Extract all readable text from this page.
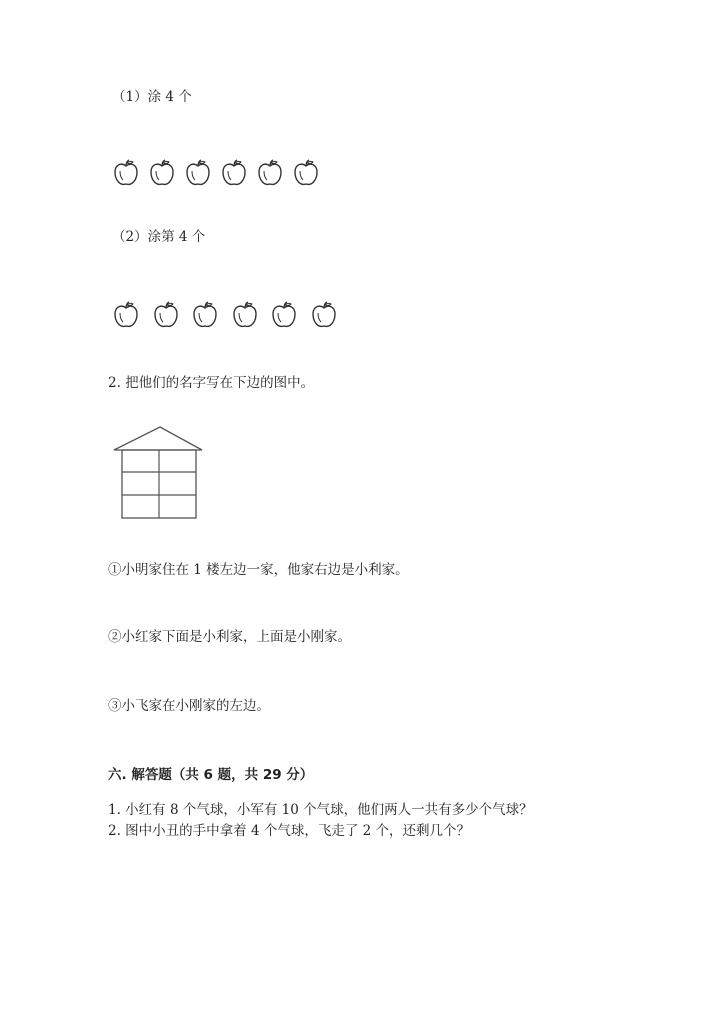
（1）涂 4 个
（2）涂第 4 个
2. 把他们的名字写在下边的图中。
①小明家住在 1 楼左边一家，他家右边是小利家。
②小红家下面是小利家，上面是小刚家。
③小飞家在小刚家的左边。
六. 解答题（共 6 题，共 29 分）
1. 小红有 8 个气球，小军有 10 个气球，他们两人一共有多少个气球？
2. 图中小丑的手中拿着 4 个气球，飞走了 2 个，还剩几个？
